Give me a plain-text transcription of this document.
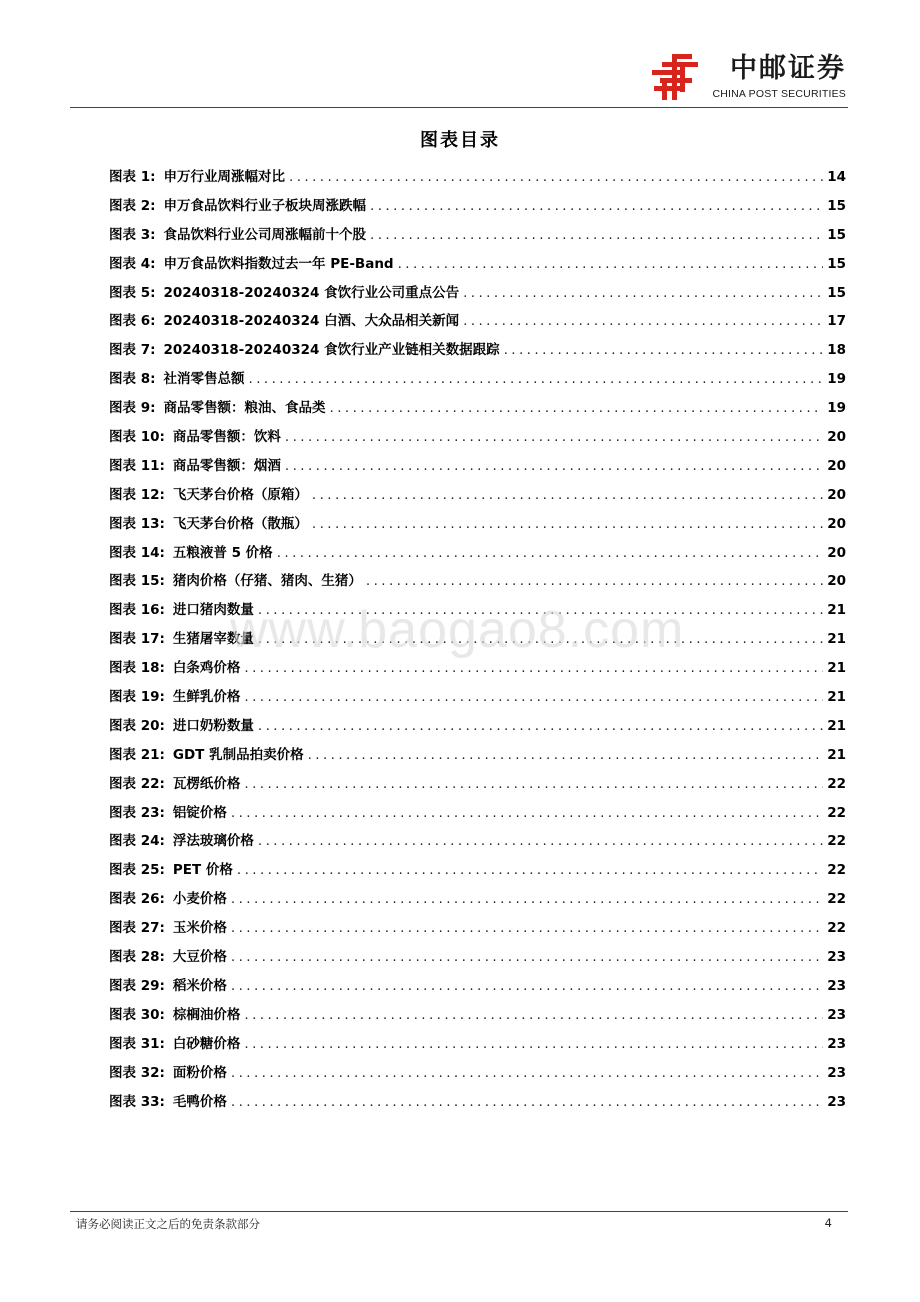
中邮证券
CHINA POST SECURITIES
图表目录
图表 1: 申万行业周涨幅对比 .....	14
图表 2: 申万食品饮料行业子板块周涨跌幅 .....	15
图表 3: 食品饮料行业公司周涨幅前十个股 .....	15
图表 4: 申万食品饮料指数过去一年 PE-Band .....	15
图表 5: 20240318-20240324 食饮行业公司重点公告 .....	15
图表 6: 20240318-20240324 白酒、大众品相关新闻 .....	17
图表 7: 20240318-20240324 食饮行业产业链相关数据跟踪 .....	18
图表 8: 社消零售总额 .....	19
图表 9: 商品零售额：粮油、食品类 .....	19
图表 10: 商品零售额：饮料 .....	20
图表 11: 商品零售额：烟酒 .....	20
图表 12: 飞天茅台价格（原箱） .....	20
图表 13: 飞天茅台价格（散瓶） .....	20
图表 14: 五粮液普 5 价格 .....	20
图表 15: 猪肉价格（仔猪、猪肉、生猪） .....	20
图表 16: 进口猪肉数量 .....	21
图表 17: 生猪屠宰数量 .....	21
图表 18: 白条鸡价格 .....	21
图表 19: 生鲜乳价格 .....	21
图表 20: 进口奶粉数量 .....	21
图表 21: GDT 乳制品拍卖价格 .....	21
图表 22: 瓦楞纸价格 .....	22
图表 23: 铝锭价格 .....	22
图表 24: 浮法玻璃价格 .....	22
图表 25: PET 价格 .....	22
图表 26: 小麦价格 .....	22
图表 27: 玉米价格 .....	22
图表 28: 大豆价格 .....	23
图表 29: 稻米价格 .....	23
图表 30: 棕榈油价格 .....	23
图表 31: 白砂糖价格 .....	23
图表 32: 面粉价格 .....	23
图表 33: 毛鸭价格 .....	23
www.baogao8.com
请务必阅读正文之后的免责条款部分	4
